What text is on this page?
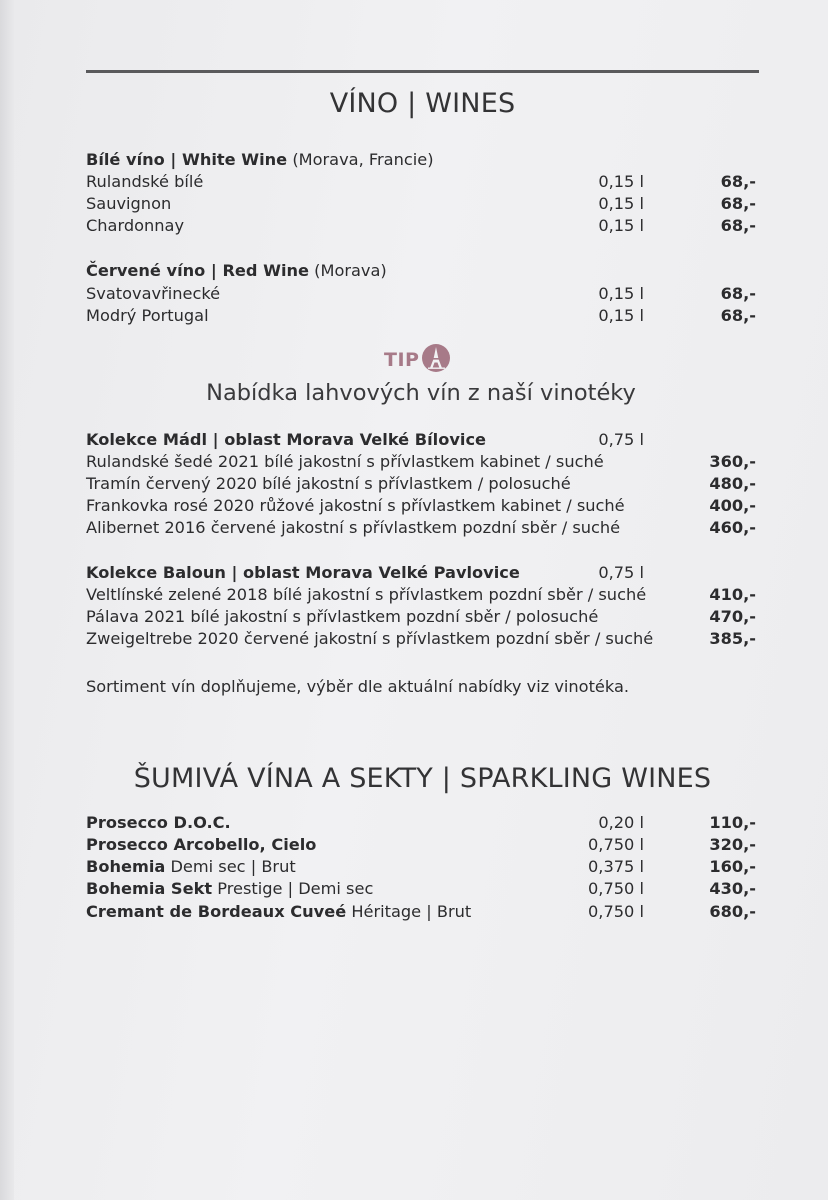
VÍNO | WINES
Bílé víno | White Wine (Morava, Francie)
Rulandské bílé	0,15 l	68,-
Sauvignon	0,15 l	68,-
Chardonnay	0,15 l	68,-
Červené víno | Red Wine (Morava)
Svatovavřinecké	0,15 l	68,-
Modrý Portugal	0,15 l	68,-
TIP
Nabídka lahvových vín z naší vinotéky
Kolekce Mádl | oblast Morava Velké Bílovice	0,75 l
Rulandské šedé 2021 bílé jakostní s přívlastkem kabinet / suché	360,-
Tramín červený 2020 bílé jakostní s přívlastkem / polosuché	480,-
Frankovka rosé 2020 růžové jakostní s přívlastkem kabinet / suché	400,-
Alibernet 2016 červené jakostní s přívlastkem pozdní sběr / suché	460,-
Kolekce Baloun | oblast Morava Velké Pavlovice	0,75 l
Veltlínské zelené 2018 bílé jakostní s přívlastkem pozdní sběr / suché	410,-
Pálava 2021 bílé jakostní s přívlastkem pozdní sběr / polosuché	470,-
Zweigeltrebe 2020 červené jakostní s přívlastkem pozdní sběr / suché	385,-
Sortiment vín doplňujeme, výběr dle aktuální nabídky viz vinotéka.
ŠUMIVÁ VÍNA A SEKTY | SPARKLING WINES
Prosecco D.O.C.	0,20 l	110,-
Prosecco Arcobello, Cielo	0,750 l	320,-
Bohemia Demi sec | Brut	0,375 l	160,-
Bohemia Sekt Prestige | Demi sec	0,750 l	430,-
Cremant de Bordeaux Cuveé Héritage | Brut	0,750 l	680,-
